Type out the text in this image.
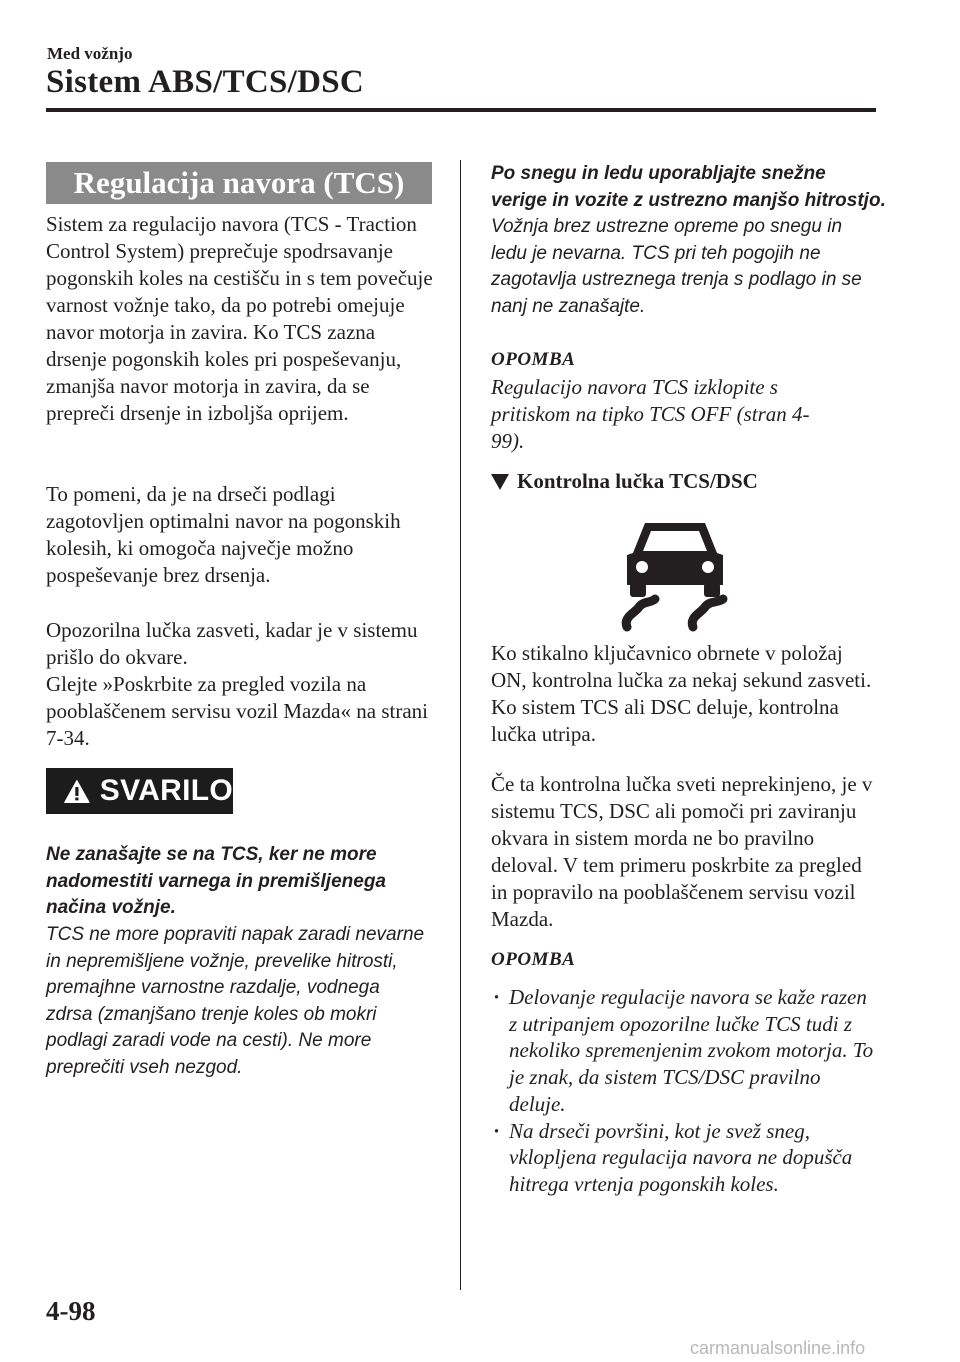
Med vožnjo
Sistem ABS/TCS/DSC
Regulacija navora (TCS)

Sistem za regulacijo navora (TCS - Traction Control System) preprečuje spodrsavanje pogonskih koles na cestišču in s tem povečuje varnost vožnje tako, da po potrebi omejuje navor motorja in zavira. Ko TCS zazna drsenje pogonskih koles pri pospeševanju, zmanjša navor motorja in zavira, da se prepreči drsenje in izboljša oprijem.

To pomeni, da je na drseči podlagi zagotovljen optimalni navor na pogonskih kolesih, ki omogoča največje možno pospeševanje brez drsenja.

Opozorilna lučka zasveti, kadar je v sistemu prišlo do okvare.
Glejte »Poskrbite za pregled vozila na pooblaščenem servisu vozil Mazda« na strani 7-34.

SVARILO

Ne zanašajte se na TCS, ker ne more nadomestiti varnega in premišljenega načina vožnje.

TCS ne more popraviti napak zaradi nevarne in nepremišljene vožnje, prevelike hitrosti, premajhne varnostne razdalje, vodnega zdrsa (zmanjšano trenje koles ob mokri podlagi zaradi vode na cesti). Ne more preprečiti vseh nezgod.

Po snegu in ledu uporabljajte snežne verige in vozite z ustrezno manjšo hitrostjo.

Vožnja brez ustrezne opreme po snegu in ledu je nevarna. TCS pri teh pogojih ne zagotavlja ustreznega trenja s podlago in se nanj ne zanašajte.

OPOMBA

Regulacijo navora TCS izklopite s pritiskom na tipko TCS OFF (stran 4-99).

Kontrolna lučka TCS/DSC

Ko stikalno ključavnico obrnete v položaj ON, kontrolna lučka za nekaj sekund zasveti. Ko sistem TCS ali DSC deluje, kontrolna lučka utripa.

Če ta kontrolna lučka sveti neprekinjeno, je v sistemu TCS, DSC ali pomoči pri zaviranju okvara in sistem morda ne bo pravilno deloval. V tem primeru poskrbite za pregled in popravilo na pooblaščenem servisu vozil Mazda.

OPOMBA

· Delovanje regulacije navora se kaže razen z utripanjem opozorilne lučke TCS tudi z nekoliko spremenjenim zvokom motorja. To je znak, da sistem TCS/DSC pravilno deluje.
· Na drseči površini, kot je svež sneg, vklopljena regulacija navora ne dopušča hitrega vrtenja pogonskih koles.
4-98
carmanualsonline.info
